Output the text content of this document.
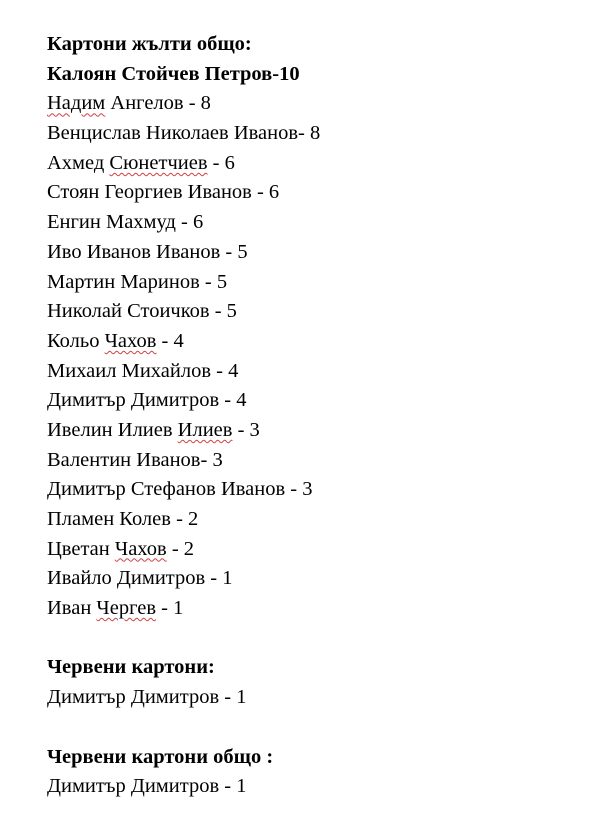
Картони жълти общо:
Калоян Стойчев Петров-10
Надим Ангелов - 8
Венцислав Николаев Иванов- 8
Ахмед Сюнетчиев - 6
Стоян Георгиев Иванов - 6
Енгин Махмуд - 6
Иво Иванов Иванов - 5
Мартин Маринов - 5
Николай Стоичков - 5
Кольо Чахов - 4
Михаил Михайлов - 4
Димитър Димитров - 4
Ивелин Илиев Илиев - 3
Валентин Иванов- 3
Димитър Стефанов Иванов - 3
Пламен Колев - 2
Цветан Чахов - 2
Ивайло Димитров - 1
Иван Чергев - 1
Червени картони:
Димитър Димитров - 1
Червени картони общо :
Димитър Димитров - 1
